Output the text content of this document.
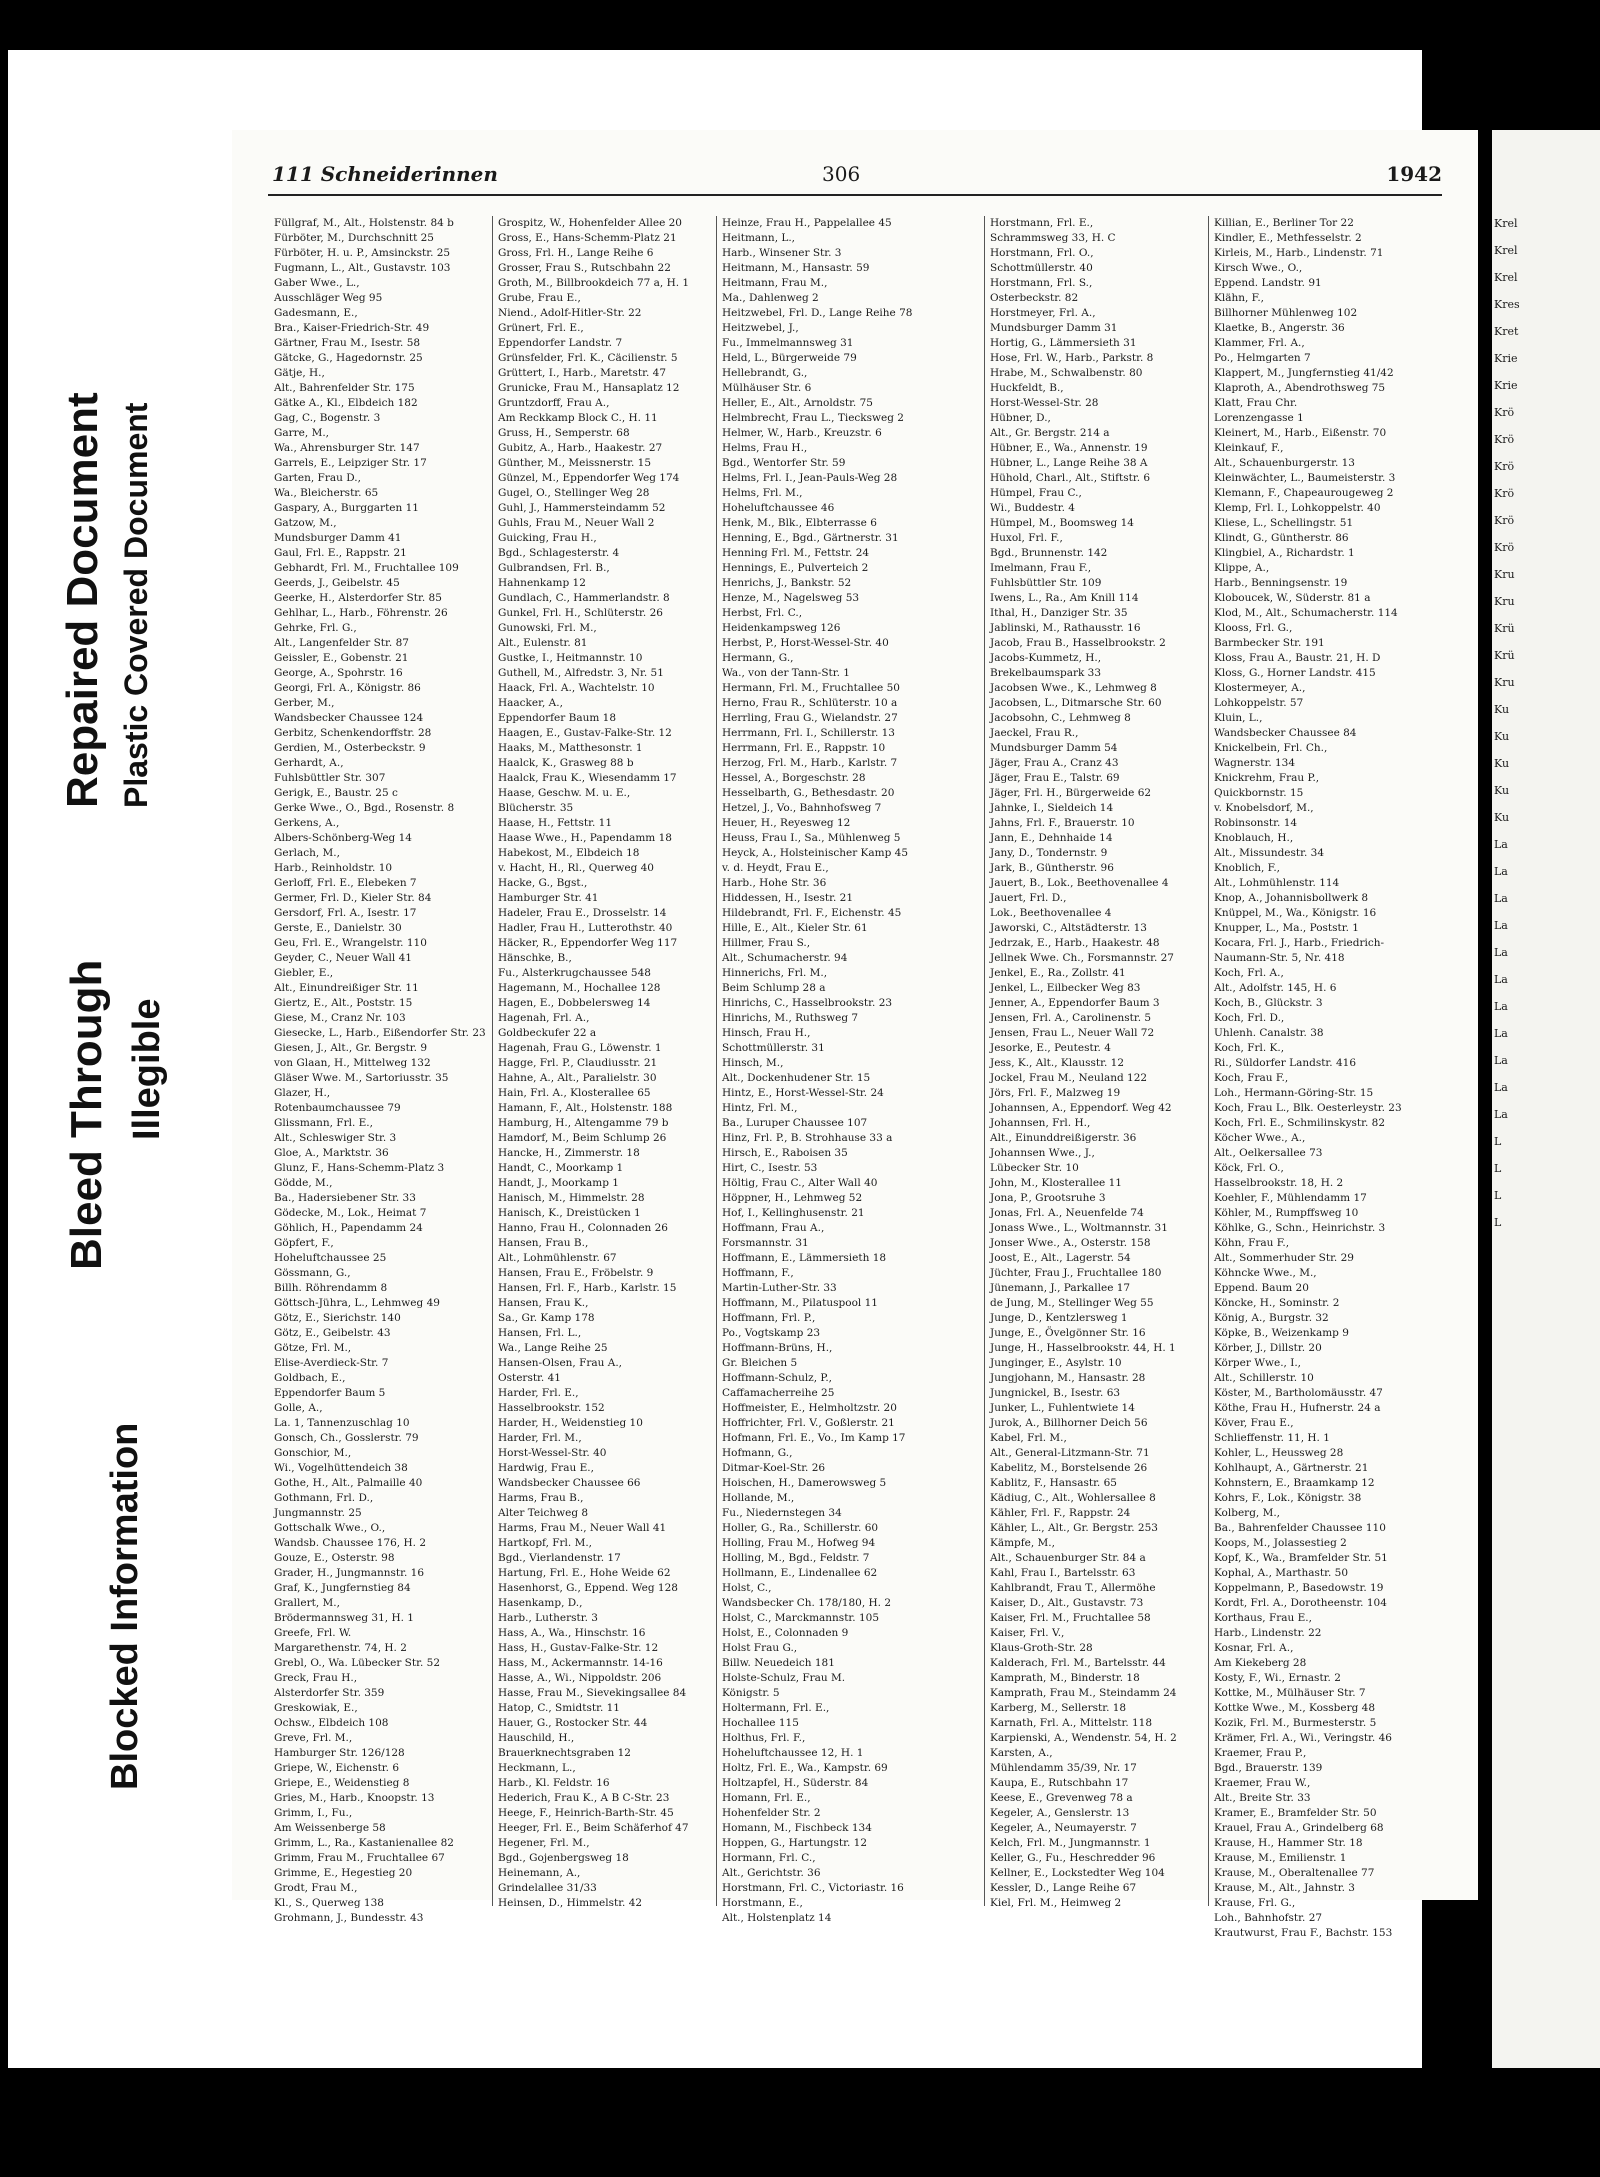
Krel
Krel
Krel
Kres
Kret
Krie
Krie
Krö
Krö
Krö
Krö
Krö
Krö
Kru
Kru
Krü
Krü
Kru
Ku
Ku
Ku
Ku
Ku
La
La
La
La
La
La
La
La
La
La
La
L
L
L
L
Bleed Through
Repaired Document Plastic Covered Document
Illegible
Blocked Information
111 Schneiderinnen	306	1942
Füllgraf, M., Alt., Holstenstr. 84 b
Fürböter, M., Durchschnitt 25
Fürböter, H. u. P., Amsinckstr. 25
Fugmann, L., Alt., Gustavstr. 103
Gaber Wwe., L.,
Ausschläger Weg 95
Gadesmann, E.,
Bra., Kaiser-Friedrich-Str. 49
Gärtner, Frau M., Isestr. 58
Gätcke, G., Hagedornstr. 25
Gätje, H.,
Alt., Bahrenfelder Str. 175
Gätke A., Kl., Elbdeich 182
Gag, C., Bogenstr. 3
Garre, M.,
Wa., Ahrensburger Str. 147
Garrels, E., Leipziger Str. 17
Garten, Frau D.,
Wa., Bleicherstr. 65
Gaspary, A., Burggarten 11
Gatzow, M.,
Mundsburger Damm 41
Gaul, Frl. E., Rappstr. 21
Gebhardt, Frl. M., Fruchtallee 109
Geerds, J., Geibelstr. 45
Geerke, H., Alsterdorfer Str. 85
Gehlhar, L., Harb., Föhrenstr. 26
Gehrke, Frl. G.,
Alt., Langenfelder Str. 87
Geissler, E., Gobenstr. 21
George, A., Spohrstr. 16
Georgi, Frl. A., Königstr. 86
Gerber, M.,
Wandsbecker Chaussee 124
Gerbitz, Schenkendorffstr. 28
Gerdien, M., Osterbeckstr. 9
Gerhardt, A.,
Fuhlsbüttler Str. 307
Gerigk, E., Baustr. 25 c
Gerke Wwe., O., Bgd., Rosenstr. 8
Gerkens, A.,
Albers-Schönberg-Weg 14
Gerlach, M.,
Harb., Reinholdstr. 10
Gerloff, Frl. E., Elebeken 7
Germer, Frl. D., Kieler Str. 84
Gersdorf, Frl. A., Isestr. 17
Gerste, E., Danielstr. 30
Geu, Frl. E., Wrangelstr. 110
Geyder, C., Neuer Wall 41
Giebler, E.,
Alt., Einundreißiger Str. 11
Giertz, E., Alt., Poststr. 15
Giese, M., Cranz Nr. 103
Giesecke, L., Harb., Eißendorfer Str. 23
Giesen, J., Alt., Gr. Bergstr. 9
von Glaan, H., Mittelweg 132
Gläser Wwe. M., Sartoriusstr. 35
Glazer, H.,
Rotenbaumchaussee 79
Glissmann, Frl. E.,
Alt., Schleswiger Str. 3
Gloe, A., Marktstr. 36
Glunz, F., Hans-Schemm-Platz 3
Gödde, M.,
Ba., Hadersiebener Str. 33
Gödecke, M., Lok., Heimat 7
Göhlich, H., Papendamm 24
Göpfert, F.,
Hoheluftchaussee 25
Gössmann, G.,
Billh. Röhrendamm 8
Göttsch-Jühra, L., Lehmweg 49
Götz, E., Sierichstr. 140
Götz, E., Geibelstr. 43
Götze, Frl. M.,
Elise-Averdieck-Str. 7
Goldbach, E.,
Eppendorfer Baum 5
Golle, A.,
La. 1, Tannenzuschlag 10
Gonsch, Ch., Gosslerstr. 79
Gonschior, M.,
Wi., Vogelhüttendeich 38
Gothe, H., Alt., Palmaille 40
Gothmann, Frl. D.,
Jungmannstr. 25
Gottschalk Wwe., O.,
Wandsb. Chaussee 176, H. 2
Gouze, E., Osterstr. 98
Grader, H., Jungmannstr. 16
Graf, K., Jungfernstieg 84
Grallert, M.,
Brödermannsweg 31, H. 1
Greefe, Frl. W.
Margarethenstr. 74, H. 2
Grebl, O., Wa. Lübecker Str. 52
Greck, Frau H.,
Alsterdorfer Str. 359
Greskowiak, E.,
Ochsw., Elbdeich 108
Greve, Frl. M.,
Hamburger Str. 126/128
Griepe, W., Eichenstr. 6
Griepe, E., Weidenstieg 8
Gries, M., Harb., Knoopstr. 13
Grimm, I., Fu.,
Am Weissenberge 58
Grimm, L., Ra., Kastanienallee 82
Grimm, Frau M., Fruchtallee 67
Grimme, E., Hegestieg 20
Grodt, Frau M.,
Kl., S., Querweg 138
Grohmann, J., Bundesstr. 43
Grospitz, W., Hohenfelder Allee 20
Gross, E., Hans-Schemm-Platz 21
Gross, Frl. H., Lange Reihe 6
Grosser, Frau S., Rutschbahn 22
Groth, M., Billbrookdeich 77 a, H. 1
Grube, Frau E.,
Niend., Adolf-Hitler-Str. 22
Grünert, Frl. E.,
Eppendorfer Landstr. 7
Grünsfelder, Frl. K., Cäcilienstr. 5
Grüttert, I., Harb., Maretstr. 47
Grunicke, Frau M., Hansaplatz 12
Gruntzdorff, Frau A.,
Am Reckkamp Block C., H. 11
Gruss, H., Semperstr. 68
Gubitz, A., Harb., Haakestr. 27
Günther, M., Meissnerstr. 15
Günzel, M., Eppendorfer Weg 174
Gugel, O., Stellinger Weg 28
Guhl, J., Hammersteindamm 52
Guhls, Frau M., Neuer Wall 2
Guicking, Frau H.,
Bgd., Schlagesterstr. 4
Gulbrandsen, Frl. B.,
Hahnenkamp 12
Gundlach, C., Hammerlandstr. 8
Gunkel, Frl. H., Schlüterstr. 26
Gunowski, Frl. M.,
Alt., Eulenstr. 81
Gustke, I., Heitmannstr. 10
Guthell, M., Alfredstr. 3, Nr. 51
Haack, Frl. A., Wachtelstr. 10
Haacker, A.,
Eppendorfer Baum 18
Haagen, E., Gustav-Falke-Str. 12
Haaks, M., Matthesonstr. 1
Haalck, K., Grasweg 88 b
Haalck, Frau K., Wiesendamm 17
Haase, Geschw. M. u. E.,
Blücherstr. 35
Haase, H., Fettstr. 11
Haase Wwe., H., Papendamm 18
Habekost, M., Elbdeich 18
v. Hacht, H., Rl., Querweg 40
Hacke, G., Bgst.,
Hamburger Str. 41
Hadeler, Frau E., Drosselstr. 14
Hadler, Frau H., Lutterothstr. 40
Häcker, R., Eppendorfer Weg 117
Hänschke, B.,
Fu., Alsterkrugchaussee 548
Hagemann, M., Hochallee 128
Hagen, E., Dobbelersweg 14
Hagenah, Frl. A.,
Goldbeckufer 22 a
Hagenah, Frau G., Löwenstr. 1
Hagge, Frl. P., Claudiusstr. 21
Hahne, A., Alt., Paralielstr. 30
Hain, Frl. A., Klosterallee 65
Hamann, F., Alt., Holstenstr. 188
Hamburg, H., Altengamme 79 b
Hamdorf, M., Beim Schlump 26
Hancke, H., Zimmerstr. 18
Handt, C., Moorkamp 1
Handt, J., Moorkamp 1
Hanisch, M., Himmelstr. 28
Hanisch, K., Dreistücken 1
Hanno, Frau H., Colonnaden 26
Hansen, Frau B.,
Alt., Lohmühlenstr. 67
Hansen, Frau E., Fröbelstr. 9
Hansen, Frl. F., Harb., Karlstr. 15
Hansen, Frau K.,
Sa., Gr. Kamp 178
Hansen, Frl. L.,
Wa., Lange Reihe 25
Hansen-Olsen, Frau A.,
Osterstr. 41
Harder, Frl. E.,
Hasselbrookstr. 152
Harder, H., Weidenstieg 10
Harder, Frl. M.,
Horst-Wessel-Str. 40
Hardwig, Frau E.,
Wandsbecker Chaussee 66
Harms, Frau B.,
Alter Teichweg 8
Harms, Frau M., Neuer Wall 41
Hartkopf, Frl. M.,
Bgd., Vierlandenstr. 17
Hartung, Frl. E., Hohe Weide 62
Hasenhorst, G., Eppend. Weg 128
Hasenkamp, D.,
Harb., Lutherstr. 3
Hass, A., Wa., Hinschstr. 16
Hass, H., Gustav-Falke-Str. 12
Hass, M., Ackermannstr. 14-16
Hasse, A., Wi., Nippoldstr. 206
Hasse, Frau M., Sievekingsallee 84
Hatop, C., Smidtstr. 11
Hauer, G., Rostocker Str. 44
Hauschild, H.,
Brauerknechtsgraben 12
Heckmann, L.,
Harb., Kl. Feldstr. 16
Hederich, Frau K., A B C-Str. 23
Heege, F., Heinrich-Barth-Str. 45
Heeger, Frl. E., Beim Schäferhof 47
Hegener, Frl. M.,
Bgd., Gojenbergsweg 18
Heinemann, A.,
Grindelallee 31/33
Heinsen, D., Himmelstr. 42
Heinze, Frau H., Pappelallee 45
Heitmann, L.,
Harb., Winsener Str. 3
Heitmann, M., Hansastr. 59
Heitmann, Frau M.,
Ma., Dahlenweg 2
Heitzwebel, Frl. D., Lange Reihe 78
Heitzwebel, J.,
Fu., Immelmannsweg 31
Held, L., Bürgerweide 79
Hellebrandt, G.,
Mülhäuser Str. 6
Heller, E., Alt., Arnoldstr. 75
Helmbrecht, Frau L., Tiecksweg 2
Helmer, W., Harb., Kreuzstr. 6
Helms, Frau H.,
Bgd., Wentorfer Str. 59
Helms, Frl. I., Jean-Pauls-Weg 28
Helms, Frl. M.,
Hoheluftchaussee 46
Henk, M., Blk., Elbterrasse 6
Henning, E., Bgd., Gärtnerstr. 31
Henning Frl. M., Fettstr. 24
Hennings, E., Pulverteich 2
Henrichs, J., Bankstr. 52
Henze, M., Nagelsweg 53
Herbst, Frl. C.,
Heidenkampsweg 126
Herbst, P., Horst-Wessel-Str. 40
Hermann, G.,
Wa., von der Tann-Str. 1
Hermann, Frl. M., Fruchtallee 50
Herno, Frau R., Schlüterstr. 10 a
Herrling, Frau G., Wielandstr. 27
Herrmann, Frl. I., Schillerstr. 13
Herrmann, Frl. E., Rappstr. 10
Herzog, Frl. M., Harb., Karlstr. 7
Hessel, A., Borgeschstr. 28
Hesselbarth, G., Bethesdastr. 20
Hetzel, J., Vo., Bahnhofsweg 7
Heuer, H., Reyesweg 12
Heuss, Frau I., Sa., Mühlenweg 5
Heyck, A., Holsteinischer Kamp 45
v. d. Heydt, Frau E.,
Harb., Hohe Str. 36
Hiddessen, H., Isestr. 21
Hildebrandt, Frl. F., Eichenstr. 45
Hille, E., Alt., Kieler Str. 61
Hillmer, Frau S.,
Alt., Schumacherstr. 94
Hinnerichs, Frl. M.,
Beim Schlump 28 a
Hinrichs, C., Hasselbrookstr. 23
Hinrichs, M., Ruthsweg 7
Hinsch, Frau H.,
Schottmüllerstr. 31
Hinsch, M.,
Alt., Dockenhudener Str. 15
Hintz, E., Horst-Wessel-Str. 24
Hintz, Frl. M.,
Ba., Luruper Chaussee 107
Hinz, Frl. P., B. Strohhause 33 a
Hirsch, E., Raboisen 35
Hirt, C., Isestr. 53
Höltig, Frau C., Alter Wall 40
Höppner, H., Lehmweg 52
Hof, I., Kellinghusenstr. 21
Hoffmann, Frau A.,
Forsmannstr. 31
Hoffmann, E., Lämmersieth 18
Hoffmann, F.,
Martin-Luther-Str. 33
Hoffmann, M., Pilatuspool 11
Hoffmann, Frl. P.,
Po., Vogtskamp 23
Hoffmann-Brüns, H.,
Gr. Bleichen 5
Hoffmann-Schulz, P.,
Caffamacherreihe 25
Hoffmeister, E., Helmholtzstr. 20
Hoffrichter, Frl. V., Goßlerstr. 21
Hofmann, Frl. E., Vo., Im Kamp 17
Hofmann, G.,
Ditmar-Koel-Str. 26
Hoischen, H., Damerowsweg 5
Hollande, M.,
Fu., Niedernstegen 34
Holler, G., Ra., Schillerstr. 60
Holling, Frau M., Hofweg 94
Holling, M., Bgd., Feldstr. 7
Hollmann, E., Lindenallee 62
Holst, C.,
Wandsbecker Ch. 178/180, H. 2
Holst, C., Marckmannstr. 105
Holst, E., Colonnaden 9
Holst Frau G.,
Billw. Neuedeich 181
Holste-Schulz, Frau M.
Königstr. 5
Holtermann, Frl. E.,
Hochallee 115
Holthus, Frl. F.,
Hoheluftchaussee 12, H. 1
Holtz, Frl. E., Wa., Kampstr. 69
Holtzapfel, H., Süderstr. 84
Homann, Frl. E.,
Hohenfelder Str. 2
Homann, M., Fischbeck 134
Hoppen, G., Hartungstr. 12
Hormann, Frl. C.,
Alt., Gerichtstr. 36
Horstmann, Frl. C., Victoriastr. 16
Horstmann, E.,
Alt., Holstenplatz 14
Horstmann, Frl. E.,
Schrammsweg 33, H. C
Horstmann, Frl. O.,
Schottmüllerstr. 40
Horstmann, Frl. S.,
Osterbeckstr. 82
Horstmeyer, Frl. A.,
Mundsburger Damm 31
Hortig, G., Lämmersieth 31
Hose, Frl. W., Harb., Parkstr. 8
Hrabe, M., Schwalbenstr. 80
Huckfeldt, B.,
Horst-Wessel-Str. 28
Hübner, D.,
Alt., Gr. Bergstr. 214 a
Hübner, E., Wa., Annenstr. 19
Hübner, L., Lange Reihe 38 A
Hühold, Charl., Alt., Stiftstr. 6
Hümpel, Frau C.,
Wi., Buddestr. 4
Hümpel, M., Boomsweg 14
Huxol, Frl. F.,
Bgd., Brunnenstr. 142
Imelmann, Frau F.,
Fuhlsbüttler Str. 109
Iwens, L., Ra., Am Knill 114
Ithal, H., Danziger Str. 35
Jablinski, M., Rathausstr. 16
Jacob, Frau B., Hasselbrookstr. 2
Jacobs-Kummetz, H.,
Brekelbaumspark 33
Jacobsen Wwe., K., Lehmweg 8
Jacobsen, L., Ditmarsche Str. 60
Jacobsohn, C., Lehmweg 8
Jaeckel, Frau R.,
Mundsburger Damm 54
Jäger, Frau A., Cranz 43
Jäger, Frau E., Talstr. 69
Jäger, Frl. H., Bürgerweide 62
Jahnke, I., Sieldeich 14
Jahns, Frl. F., Brauerstr. 10
Jann, E., Dehnhaide 14
Jany, D., Tondernstr. 9
Jark, B., Güntherstr. 96
Jauert, B., Lok., Beethovenallee 4
Jauert, Frl. D.,
Lok., Beethovenallee 4
Jaworski, C., Altstädterstr. 13
Jedrzak, E., Harb., Haakestr. 48
Jellnek Wwe. Ch., Forsmannstr. 27
Jenkel, E., Ra., Zollstr. 41
Jenkel, L., Eilbecker Weg 83
Jenner, A., Eppendorfer Baum 3
Jensen, Frl. A., Carolinenstr. 5
Jensen, Frau L., Neuer Wall 72
Jesorke, E., Peutestr. 4
Jess, K., Alt., Klausstr. 12
Jockel, Frau M., Neuland 122
Jörs, Frl. F., Malzweg 19
Johannsen, A., Eppendorf. Weg 42
Johannsen, Frl. H.,
Alt., Einunddreißigerstr. 36
Johannsen Wwe., J.,
Lübecker Str. 10
John, M., Klosterallee 11
Jona, P., Grootsruhe 3
Jonas, Frl. A., Neuenfelde 74
Jonass Wwe., L., Woltmannstr. 31
Jonser Wwe., A., Osterstr. 158
Joost, E., Alt., Lagerstr. 54
Jüchter, Frau J., Fruchtallee 180
Jünemann, J., Parkallee 17
de Jung, M., Stellinger Weg 55
Junge, D., Kentzlersweg 1
Junge, E., Övelgönner Str. 16
Junge, H., Hasselbrookstr. 44, H. 1
Junginger, E., Asylstr. 10
Jungjohann, M., Hansastr. 28
Jungnickel, B., Isestr. 63
Junker, L., Fuhlentwiete 14
Jurok, A., Billhorner Deich 56
Kabel, Frl. M.,
Alt., General-Litzmann-Str. 71
Kabelitz, M., Borstelsende 26
Kablitz, F., Hansastr. 65
Kädiug, C., Alt., Wohlersallee 8
Kähler, Frl. F., Rappstr. 24
Kähler, L., Alt., Gr. Bergstr. 253
Kämpfe, M.,
Alt., Schauenburger Str. 84 a
Kahl, Frau I., Bartelsstr. 63
Kahlbrandt, Frau T., Allermöhe
Kaiser, D., Alt., Gustavstr. 73
Kaiser, Frl. M., Fruchtallee 58
Kaiser, Frl. V.,
Klaus-Groth-Str. 28
Kalderach, Frl. M., Bartelsstr. 44
Kamprath, M., Binderstr. 18
Kamprath, Frau M., Steindamm 24
Karberg, M., Sellerstr. 18
Karnath, Frl. A., Mittelstr. 118
Karpienski, A., Wendenstr. 54, H. 2
Karsten, A.,
Mühlendamm 35/39, Nr. 17
Kaupa, E., Rutschbahn 17
Keese, E., Grevenweg 78 a
Kegeler, A., Genslerstr. 13
Kegeler, A., Neumayerstr. 7
Kelch, Frl. M., Jungmannstr. 1
Keller, G., Fu., Heschredder 96
Kellner, E., Lockstedter Weg 104
Kessler, D., Lange Reihe 67
Kiel, Frl. M., Heimweg 2
Killian, E., Berliner Tor 22
Kindler, E., Methfesselstr. 2
Kirleis, M., Harb., Lindenstr. 71
Kirsch Wwe., O.,
Eppend. Landstr. 91
Klähn, F.,
Billhorner Mühlenweg 102
Klaetke, B., Angerstr. 36
Klammer, Frl. A.,
Po., Helmgarten 7
Klappert, M., Jungfernstieg 41/42
Klaproth, A., Abendrothsweg 75
Klatt, Frau Chr.
Lorenzengasse 1
Kleinert, M., Harb., Eißenstr. 70
Kleinkauf, F.,
Alt., Schauenburgerstr. 13
Kleinwächter, L., Baumeisterstr. 3
Klemann, F., Chapeaurougeweg 2
Klemp, Frl. I., Lohkoppelstr. 40
Kliese, L., Schellingstr. 51
Klindt, G., Güntherstr. 86
Klingbiel, A., Richardstr. 1
Klippe, A.,
Harb., Benningsenstr. 19
Kloboucek, W., Süderstr. 81 a
Klod, M., Alt., Schumacherstr. 114
Klooss, Frl. G.,
Barmbecker Str. 191
Kloss, Frau A., Baustr. 21, H. D
Kloss, G., Horner Landstr. 415
Klostermeyer, A.,
Lohkoppelstr. 57
Kluin, L.,
Wandsbecker Chaussee 84
Knickelbein, Frl. Ch.,
Wagnerstr. 134
Knickrehm, Frau P.,
Quickbornstr. 15
v. Knobelsdorf, M.,
Robinsonstr. 14
Knoblauch, H.,
Alt., Missundestr. 34
Knoblich, F.,
Alt., Lohmühlenstr. 114
Knop, A., Johannisbollwerk 8
Knüppel, M., Wa., Königstr. 16
Knupper, L., Ma., Poststr. 1
Kocara, Frl. J., Harb., Friedrich-
Naumann-Str. 5, Nr. 418
Koch, Frl. A.,
Alt., Adolfstr. 145, H. 6
Koch, B., Glückstr. 3
Koch, Frl. D.,
Uhlenh. Canalstr. 38
Koch, Frl. K.,
Ri., Süldorfer Landstr. 416
Koch, Frau F.,
Loh., Hermann-Göring-Str. 15
Koch, Frau L., Blk. Oesterleystr. 23
Koch, Frl. E., Schmilinskystr. 82
Köcher Wwe., A.,
Alt., Oelkersallee 73
Köck, Frl. O.,
Hasselbrookstr. 18, H. 2
Koehler, F., Mühlendamm 17
Köhler, M., Rumpffsweg 10
Köhlke, G., Schn., Heinrichstr. 3
Köhn, Frau F.,
Alt., Sommerhuder Str. 29
Köhncke Wwe., M.,
Eppend. Baum 20
Köncke, H., Sominstr. 2
König, A., Burgstr. 32
Köpke, B., Weizenkamp 9
Körber, J., Dillstr. 20
Körper Wwe., I.,
Alt., Schillerstr. 10
Köster, M., Bartholomäusstr. 47
Köthe, Frau H., Hufnerstr. 24 a
Köver, Frau E.,
Schlieffenstr. 11, H. 1
Kohler, L., Heussweg 28
Kohlhaupt, A., Gärtnerstr. 21
Kohnstern, E., Braamkamp 12
Kohrs, F., Lok., Königstr. 38
Kolberg, M.,
Ba., Bahrenfelder Chaussee 110
Koops, M., Jolassestieg 2
Kopf, K., Wa., Bramfelder Str. 51
Kophal, A., Marthastr. 50
Koppelmann, P., Basedowstr. 19
Kordt, Frl. A., Dorotheenstr. 104
Korthaus, Frau E.,
Harb., Lindenstr. 22
Kosnar, Frl. A.,
Am Kiekeberg 28
Kosty, F., Wi., Ernastr. 2
Kottke, M., Mülhäuser Str. 7
Kottke Wwe., M., Kossberg 48
Kozik, Frl. M., Burmesterstr. 5
Krämer, Frl. A., Wi., Veringstr. 46
Kraemer, Frau P.,
Bgd., Brauerstr. 139
Kraemer, Frau W.,
Alt., Breite Str. 33
Kramer, E., Bramfelder Str. 50
Krauel, Frau A., Grindelberg 68
Krause, H., Hammer Str. 18
Krause, M., Emilienstr. 1
Krause, M., Oberaltenallee 77
Krause, M., Alt., Jahnstr. 3
Krause, Frl. G.,
Loh., Bahnhofstr. 27
Krautwurst, Frau F., Bachstr. 153
